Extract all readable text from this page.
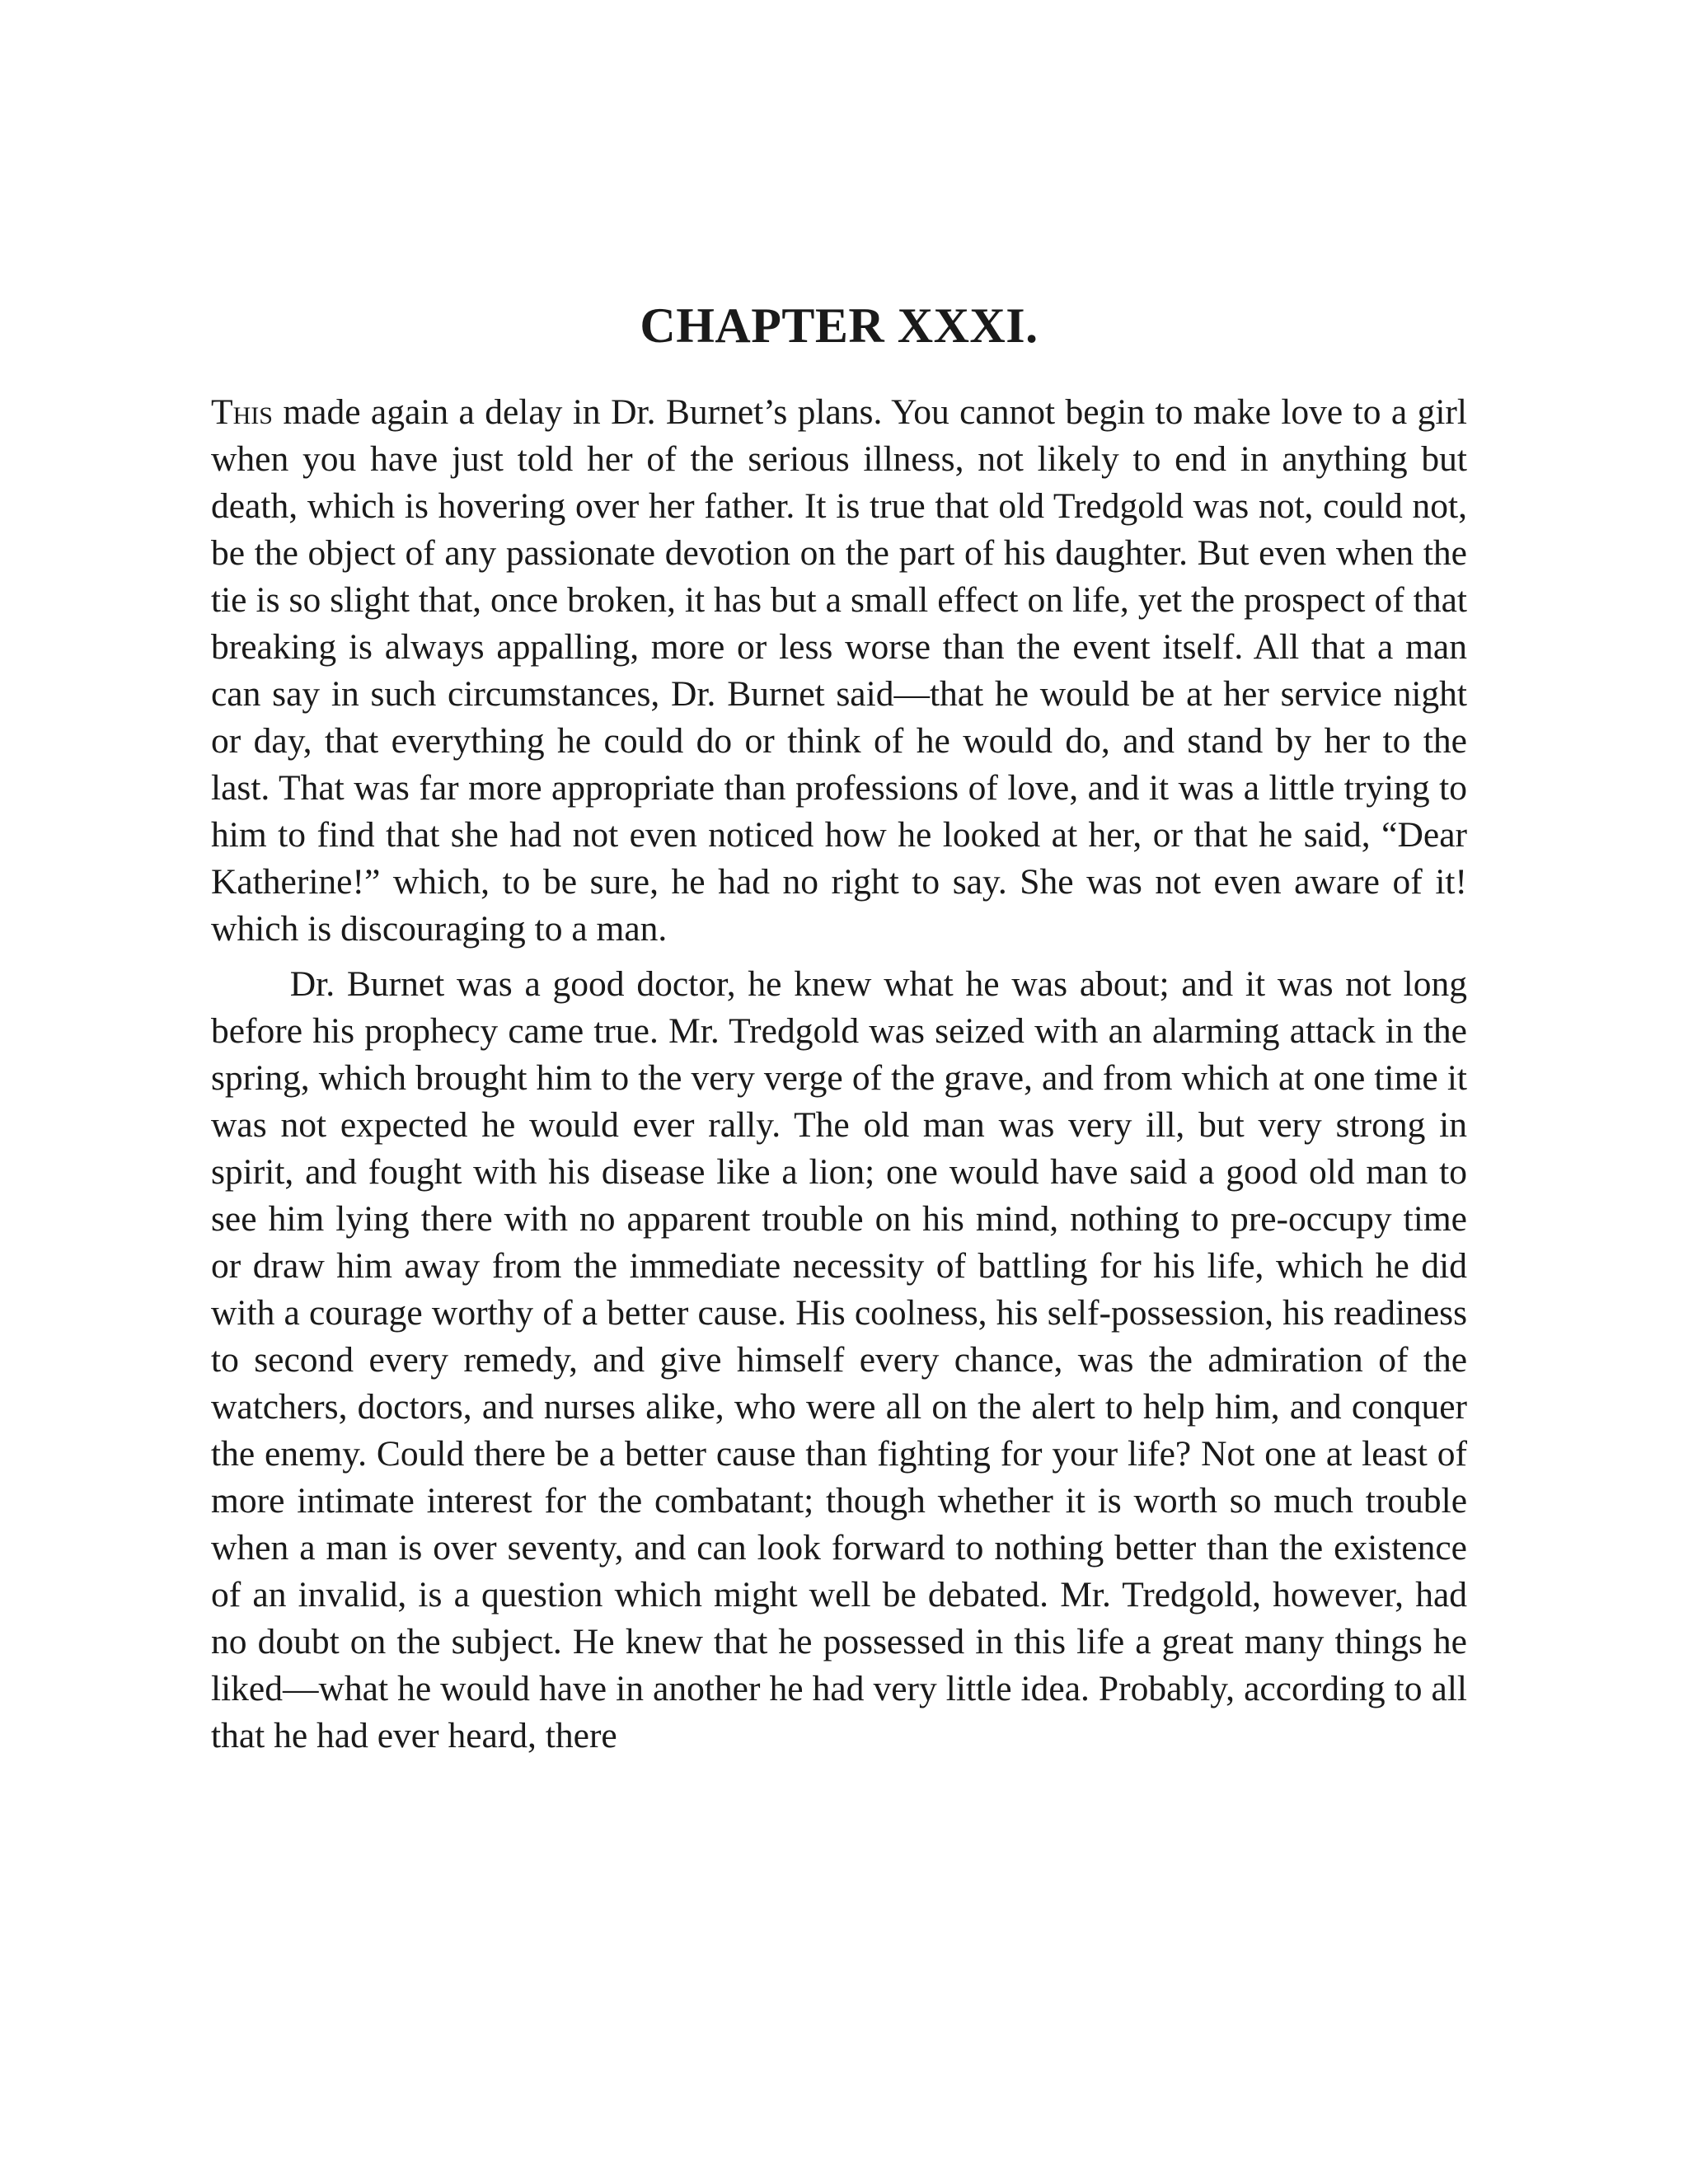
CHAPTER XXXI.

This made again a delay in Dr. Burnet’s plans. You cannot begin to make love to a girl when you have just told her of the serious illness, not likely to end in anything but death, which is hovering over her father. It is true that old Tredgold was not, could not, be the object of any passionate devotion on the part of his daughter. But even when the tie is so slight that, once broken, it has but a small effect on life, yet the prospect of that breaking is always appalling, more or less worse than the event itself. All that a man can say in such circumstances, Dr. Burnet said—that he would be at her service night or day, that everything he could do or think of he would do, and stand by her to the last. That was far more appropriate than professions of love, and it was a little trying to him to find that she had not even noticed how he looked at her, or that he said, “Dear Katherine!” which, to be sure, he had no right to say. She was not even aware of it! which is discouraging to a man.

Dr. Burnet was a good doctor, he knew what he was about; and it was not long before his prophecy came true. Mr. Tredgold was seized with an alarming attack in the spring, which brought him to the very verge of the grave, and from which at one time it was not expected he would ever rally. The old man was very ill, but very strong in spirit, and fought with his disease like a lion; one would have said a good old man to see him lying there with no apparent trouble on his mind, nothing to pre-occupy time or draw him away from the immediate necessity of battling for his life, which he did with a courage worthy of a better cause. His coolness, his self-possession, his readiness to second every remedy, and give himself every chance, was the admiration of the watchers, doctors, and nurses alike, who were all on the alert to help him, and conquer the enemy. Could there be a better cause than fighting for your life? Not one at least of more intimate interest for the combatant; though whether it is worth so much trouble when a man is over seventy, and can look forward to nothing better than the existence of an invalid, is a question which might well be debated. Mr. Tredgold, however, had no doubt on the subject. He knew that he possessed in this life a great many things he liked—what he would have in another he had very little idea. Probably, according to all that he had ever heard, there
